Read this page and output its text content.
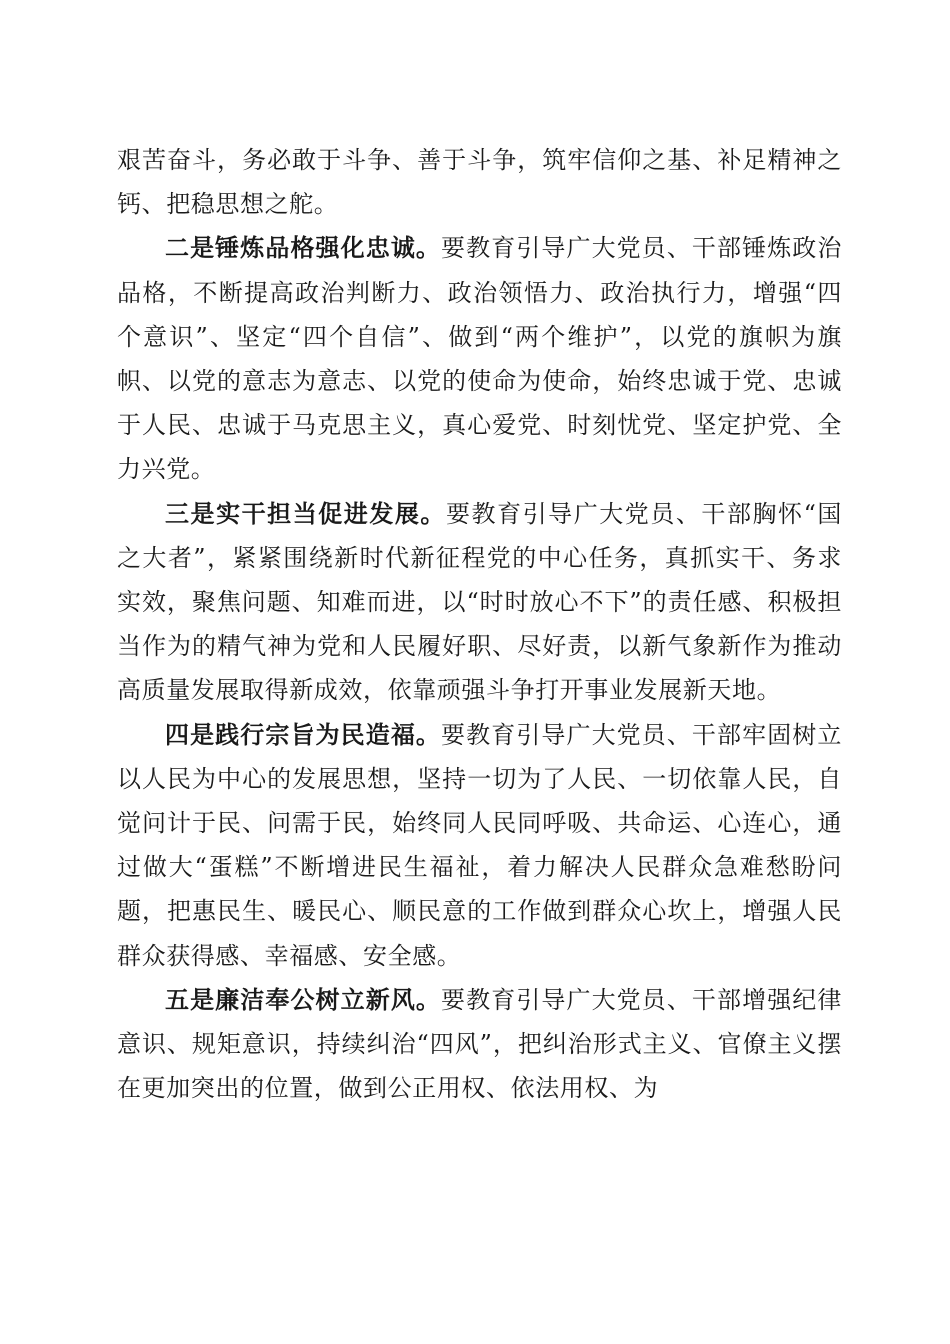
艰苦奋斗，务必敢于斗争、善于斗争，筑牢信仰之基、补足精神之钙、把稳思想之舵。

二是锤炼品格强化忠诚。要教育引导广大党员、干部锤炼政治品格，不断提高政治判断力、政治领悟力、政治执行力，增强“四个意识”、坚定“四个自信”、做到“两个维护”，以党的旗帜为旗帜、以党的意志为意志、以党的使命为使命，始终忠诚于党、忠诚于人民、忠诚于马克思主义，真心爱党、时刻忧党、坚定护党、全力兴党。

三是实干担当促进发展。要教育引导广大党员、干部胸怀“国之大者”，紧紧围绕新时代新征程党的中心任务，真抓实干、务求实效，聚焦问题、知难而进，以“时时放心不下”的责任感、积极担当作为的精气神为党和人民履好职、尽好责，以新气象新作为推动高质量发展取得新成效，依靠顽强斗争打开事业发展新天地。

四是践行宗旨为民造福。要教育引导广大党员、干部牢固树立以人民为中心的发展思想，坚持一切为了人民、一切依靠人民，自觉问计于民、问需于民，始终同人民同呼吸、共命运、心连心，通过做大“蛋糕”不断增进民生福祉，着力解决人民群众急难愁盼问题，把惠民生、暖民心、顺民意的工作做到群众心坎上，增强人民群众获得感、幸福感、安全感。

五是廉洁奉公树立新风。要教育引导广大党员、干部增强纪律意识、规矩意识，持续纠治“四风”，把纠治形式主义、官僚主义摆在更加突出的位置，做到公正用权、依法用权、为
